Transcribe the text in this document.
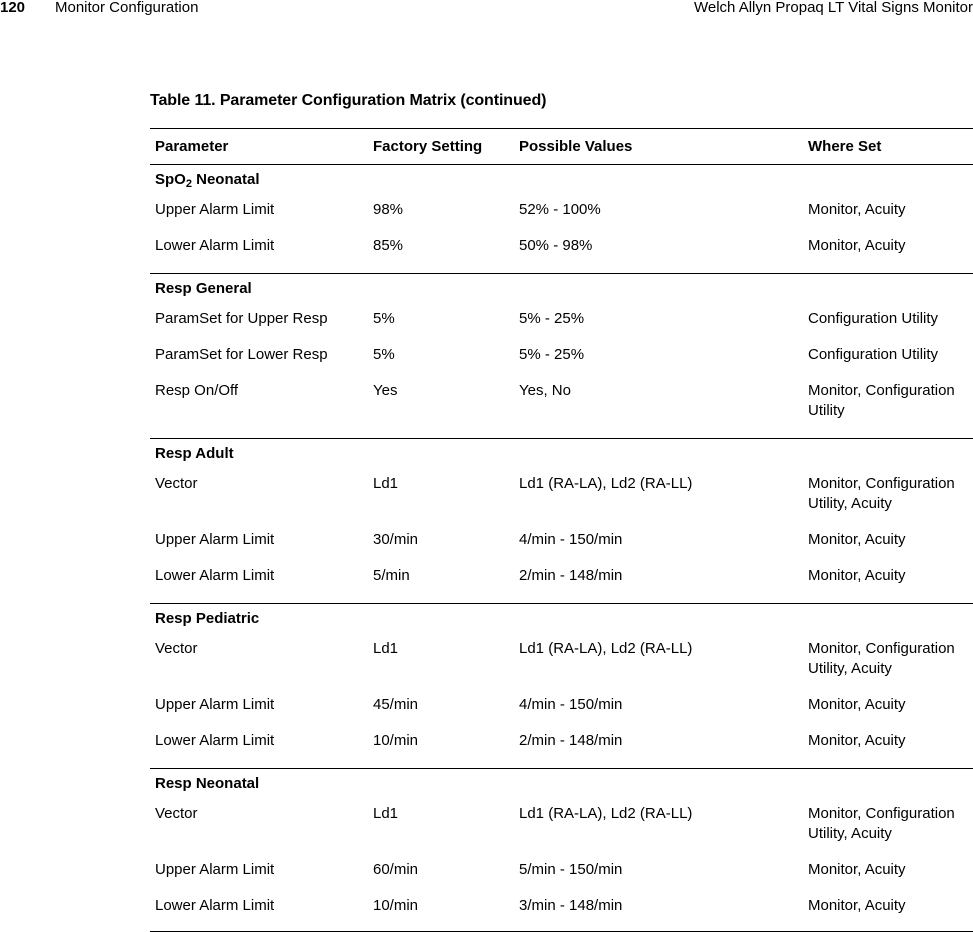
120 Monitor Configuration	Welch Allyn Propaq LT Vital Signs Monitor
Table 11. Parameter Configuration Matrix (continued)
Parameter	Factory Setting	Possible Values	Where Set
SpO$_2$ Neonatal
Upper Alarm Limit	98%	52% - 100%	Monitor, Acuity
Lower Alarm Limit	85%	50% - 98%	Monitor, Acuity
Resp General
ParamSet for Upper Resp	5%	5% - 25%	Configuration Utility
ParamSet for Lower Resp	5%	5% - 25%	Configuration Utility
Resp On/Off	Yes	Yes, No	Monitor, Configuration Utility
Resp Adult
Vector	Ld1	Ld1 (RA-LA), Ld2 (RA-LL)	Monitor, Configuration Utility, Acuity
Upper Alarm Limit	30/min	4/min - 150/min	Monitor, Acuity
Lower Alarm Limit	5/min	2/min - 148/min	Monitor, Acuity
Resp Pediatric
Vector	Ld1	Ld1 (RA-LA), Ld2 (RA-LL)	Monitor, Configuration Utility, Acuity
Upper Alarm Limit	45/min	4/min - 150/min	Monitor, Acuity
Lower Alarm Limit	10/min	2/min - 148/min	Monitor, Acuity
Resp Neonatal
Vector	Ld1	Ld1 (RA-LA), Ld2 (RA-LL)	Monitor, Configuration Utility, Acuity
Upper Alarm Limit	60/min	5/min - 150/min	Monitor, Acuity
Lower Alarm Limit	10/min	3/min - 148/min	Monitor, Acuity
